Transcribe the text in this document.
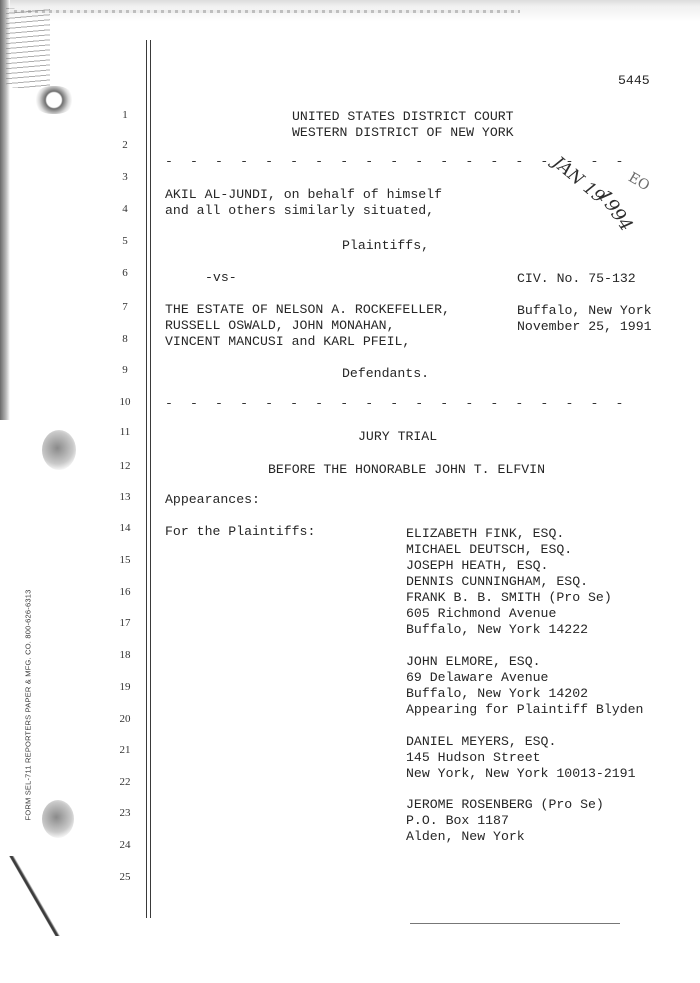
FORM SEL-711 REPORTERS PAPER & MFG. CO. 800-626-6313
1
2
3
4
5
6
7
8
9
10
11
12
13
14
15
16
17
18
19
20
21
22
23
24
25
5445
UNITED STATES DISTRICT COURT
WESTERN DISTRICT OF NEW YORK
- - - - - - - - - - - - - - - - - - -
AKIL AL-JUNDI, on behalf of himself
and all others similarly situated,
Plaintiffs,
-vs-	CIV. No. 75-132
THE ESTATE OF NELSON A. ROCKEFELLER,
RUSSELL OSWALD, JOHN MONAHAN,
VINCENT MANCUSI and KARL PFEIL,
Buffalo, New York
November 25, 1991
Defendants.
- - - - - - - - - - - - - - - - - - -
JURY TRIAL
BEFORE THE HONORABLE JOHN T. ELFVIN
Appearances:
For the Plaintiffs:	ELIZABETH FINK, ESQ.
MICHAEL DEUTSCH, ESQ.
JOSEPH HEATH, ESQ.
DENNIS CUNNINGHAM, ESQ.
FRANK B. B. SMITH (Pro Se)
605 Richmond Avenue
Buffalo, New York 14222
JOHN ELMORE, ESQ.
69 Delaware Avenue
Buffalo, New York 14202
Appearing for Plaintiff Blyden
DANIEL MEYERS, ESQ.
145 Hudson Street
New York, New York 10013-2191
JEROME ROSENBERG (Pro Se)
P.O. Box 1187
Alden, New York
JAN 19
1994
EO
